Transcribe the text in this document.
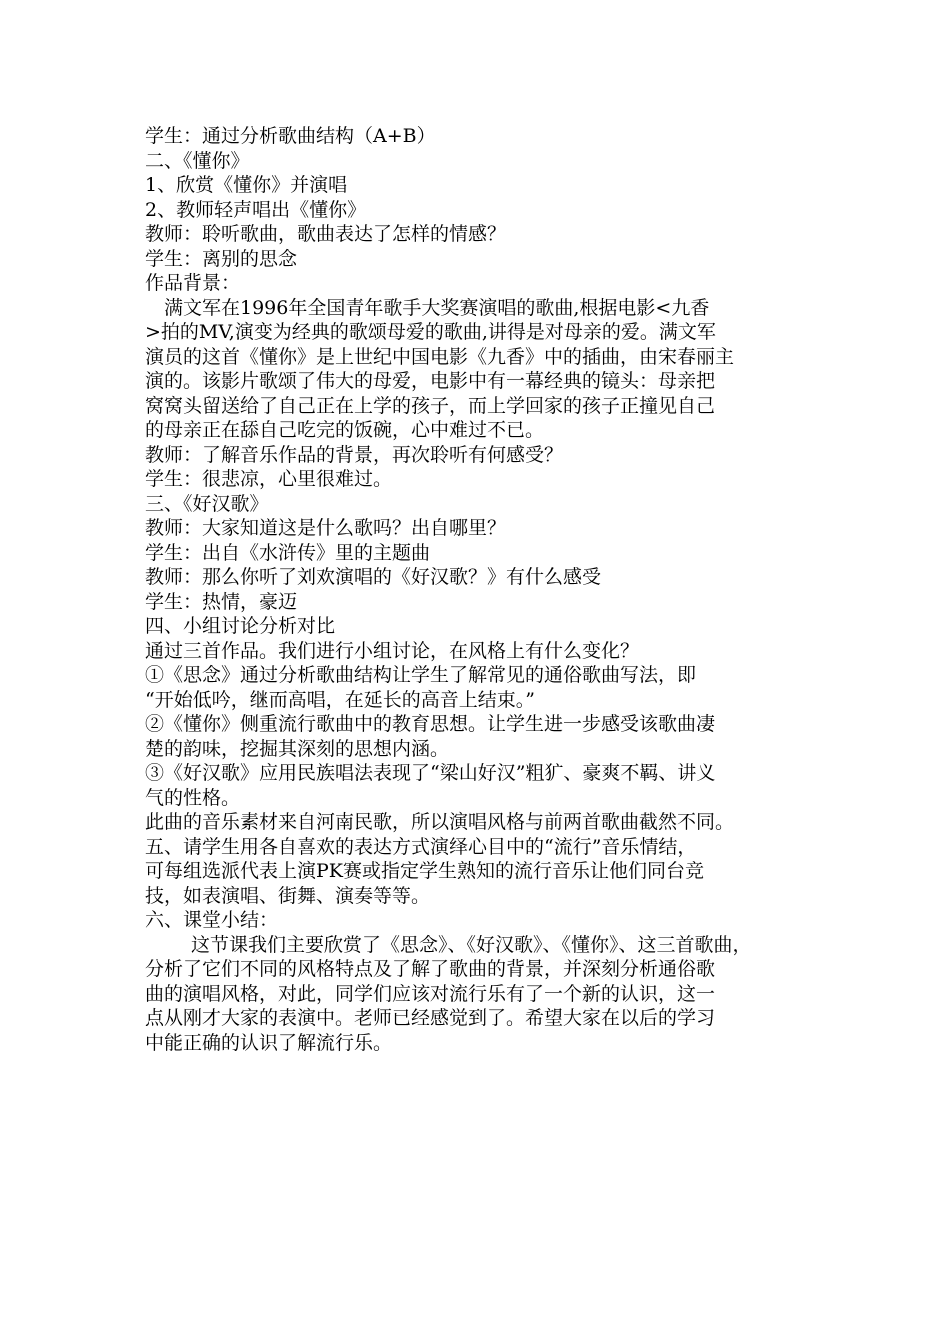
学生：通过分析歌曲结构（A+B）

二、《懂你》

1、欣赏《懂你》并演唱

2、教师轻声唱出《懂你》

教师：聆听歌曲，歌曲表达了怎样的情感？

学生：离别的思念

作品背景：

满文军在1996年全国青年歌手大奖赛演唱的歌曲,根据电影<九香

>拍的MV,演变为经典的歌颂母爱的歌曲,讲得是对母亲的爱。满文军

演员的这首《懂你》是上世纪中国电影《九香》中的插曲，由宋春丽主

演的。该影片歌颂了伟大的母爱，电影中有一幕经典的镜头：母亲把

窝窝头留送给了自己正在上学的孩子，而上学回家的孩子正撞见自己

的母亲正在舔自己吃完的饭碗，心中难过不已。

教师：了解音乐作品的背景，再次聆听有何感受？

学生：很悲凉，心里很难过。

三、《好汉歌》

教师：大家知道这是什么歌吗？出自哪里？

学生：出自《水浒传》里的主题曲

教师：那么你听了刘欢演唱的《好汉歌？》有什么感受

学生：热情，豪迈

四、小组讨论分析对比

通过三首作品。我们进行小组讨论，在风格上有什么变化？

①《思念》通过分析歌曲结构让学生了解常见的通俗歌曲写法，即

“开始低吟，继而高唱，在延长的高音上结束。”

②《懂你》侧重流行歌曲中的教育思想。让学生进一步感受该歌曲凄

楚的韵味，挖掘其深刻的思想内涵。

③《好汉歌》应用民族唱法表现了“梁山好汉”粗犷、豪爽不羁、讲义

气的性格。

此曲的音乐素材来自河南民歌，所以演唱风格与前两首歌曲截然不同。

五、请学生用各自喜欢的表达方式演绎心目中的“流行”音乐情结，

可每组选派代表上演PK赛或指定学生熟知的流行音乐让他们同台竞

技，如表演唱、街舞、演奏等等。

六、课堂小结：

这节课我们主要欣赏了《思念》、《好汉歌》、《懂你》、这三首歌曲，

分析了它们不同的风格特点及了解了歌曲的背景，并深刻分析通俗歌

曲的演唱风格，对此，同学们应该对流行乐有了一个新的认识，这一

点从刚才大家的表演中。老师已经感觉到了。希望大家在以后的学习

中能正确的认识了解流行乐。
